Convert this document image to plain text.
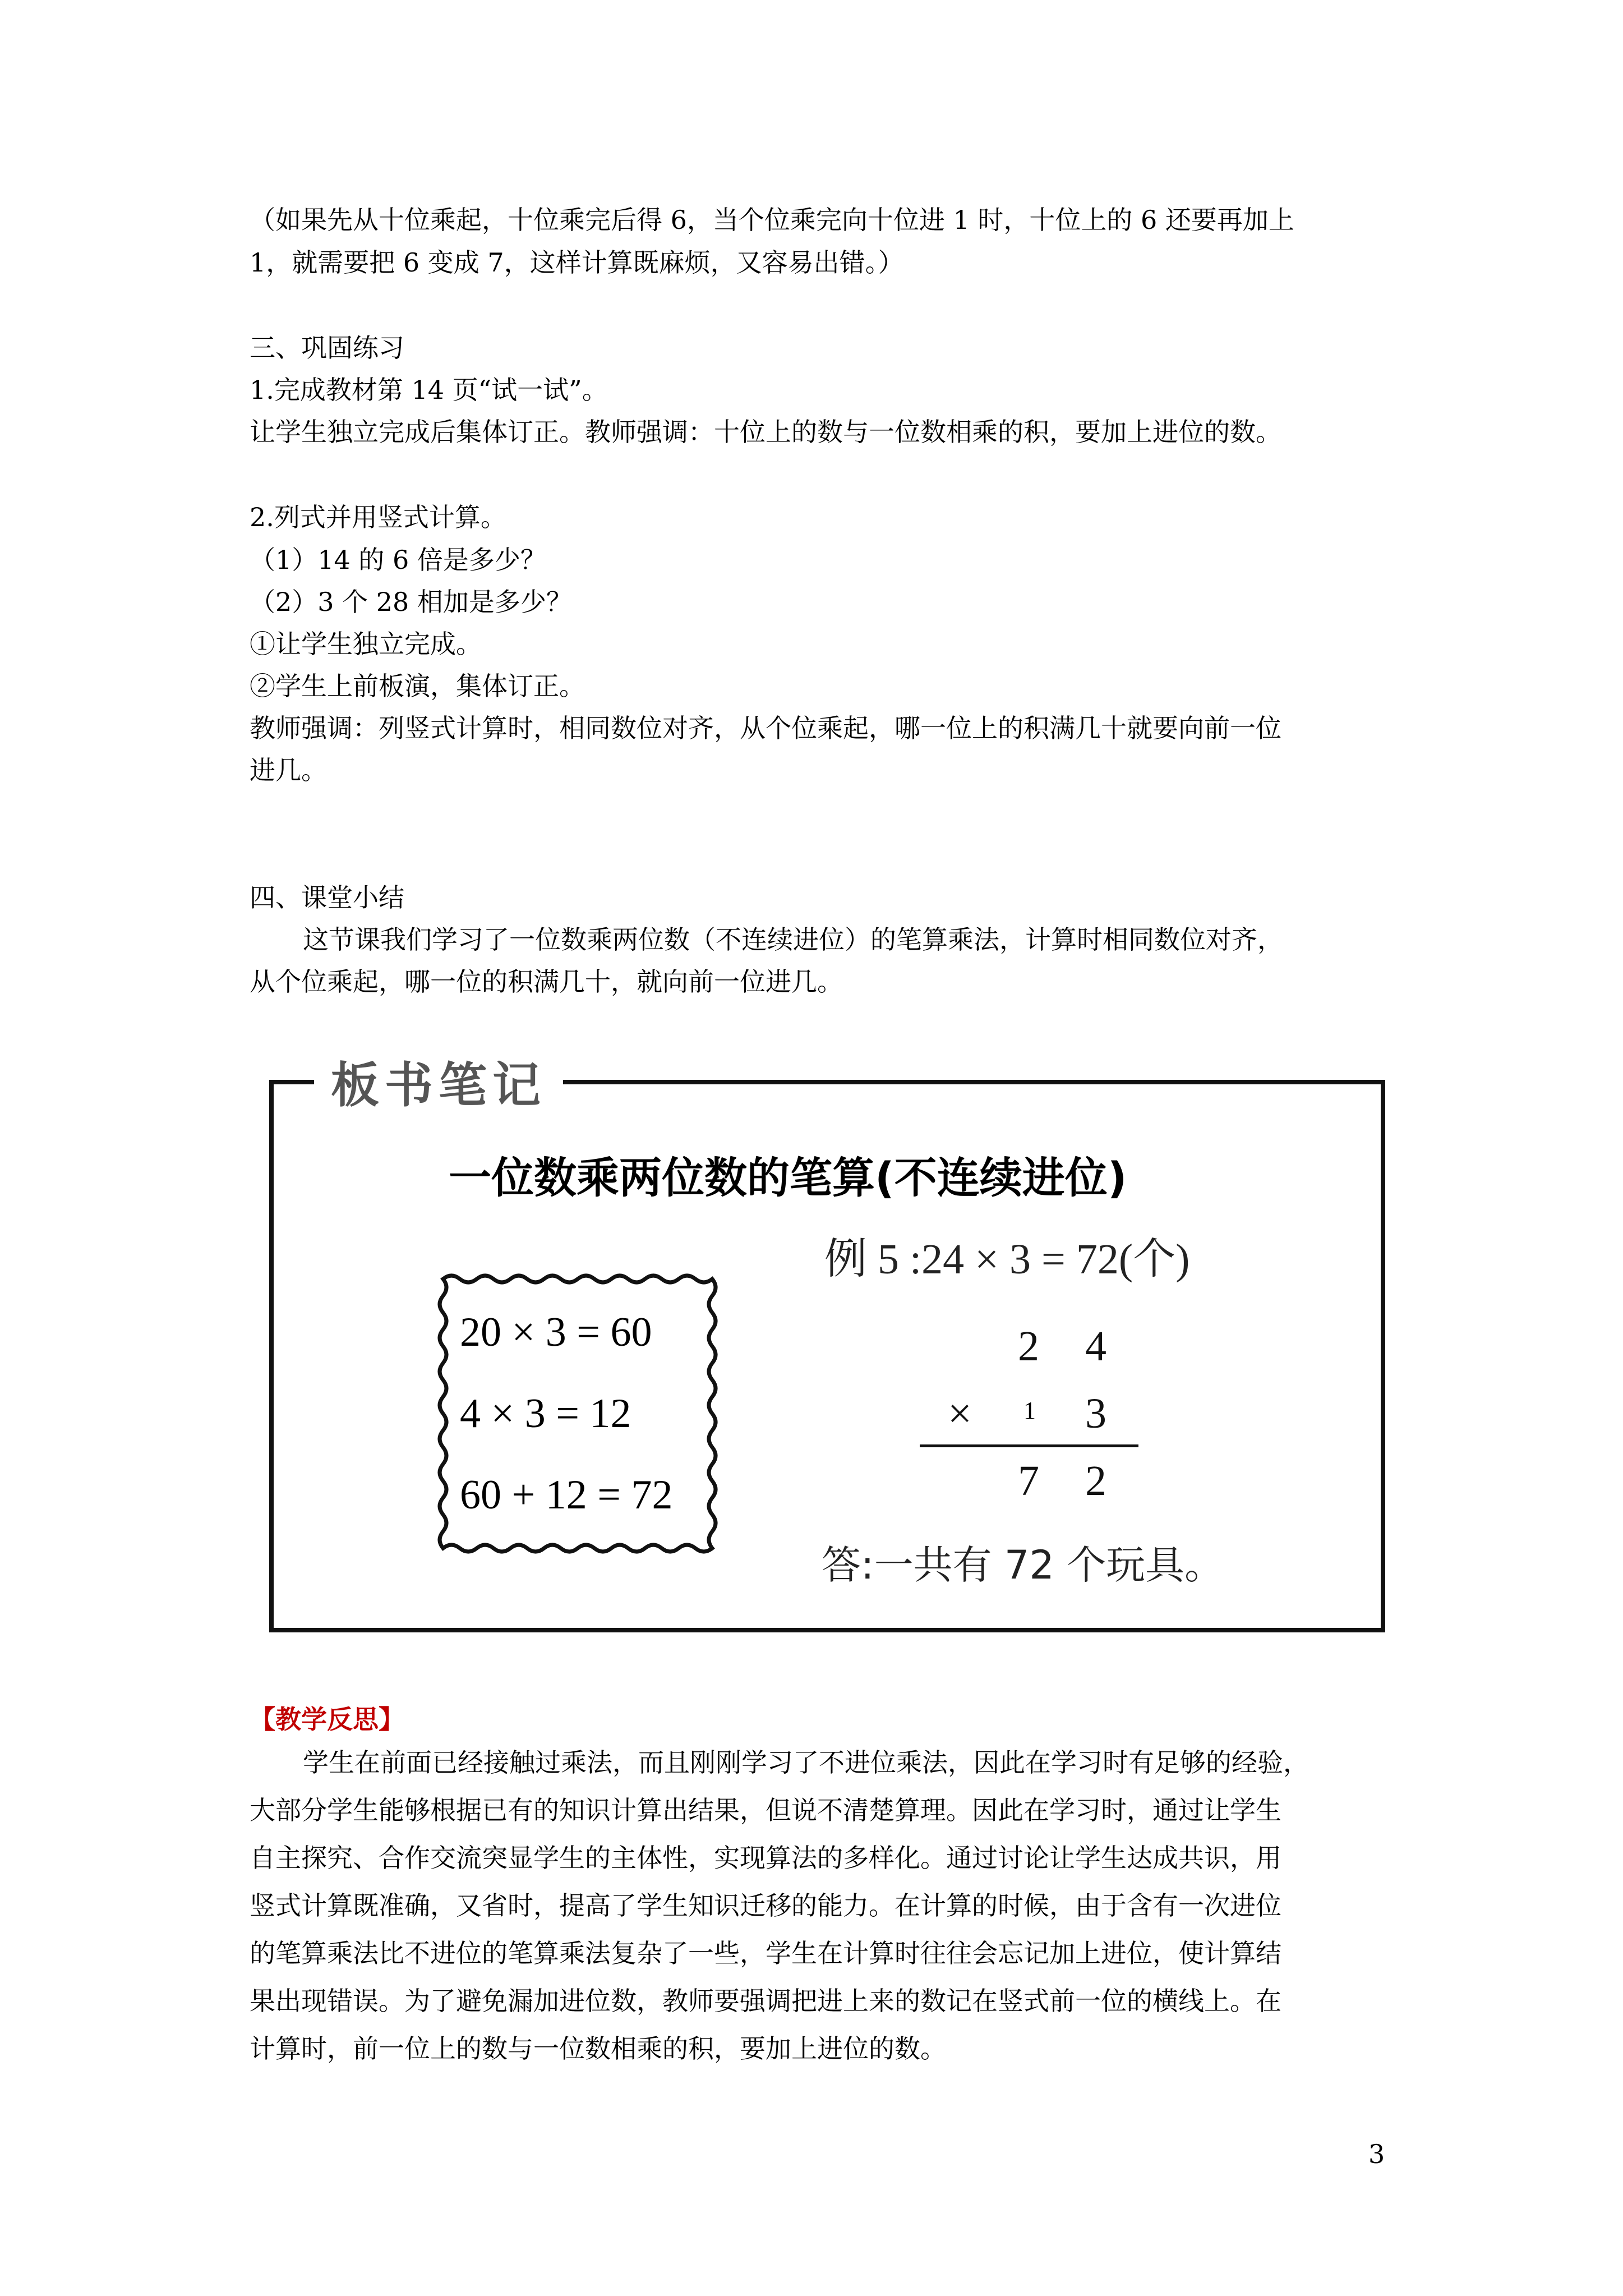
（如果先从十位乘起，十位乘完后得 6，当个位乘完向十位进 1 时，十位上的 6 还要再加上
1，就需要把 6 变成 7，这样计算既麻烦，又容易出错。）
三、巩固练习
1.完成教材第 14 页“试一试”。
让学生独立完成后集体订正。教师强调：十位上的数与一位数相乘的积，要加上进位的数。
2.列式并用竖式计算。
（1）14 的 6 倍是多少？
（2）3 个 28 相加是多少？
①让学生独立完成。
②学生上前板演，集体订正。
教师强调：列竖式计算时，相同数位对齐，从个位乘起，哪一位上的积满几十就要向前一位
进几。
四、课堂小结
这节课我们学习了一位数乘两位数（不连续进位）的笔算乘法，计算时相同数位对齐，
从个位乘起，哪一位的积满几十，就向前一位进几。
板书笔记
一位数乘两位数的笔算(不连续进位)
20 × 3 = 60
4 × 3 = 12
60 + 12 = 72
例 5 :24 × 3 = 72(个)
2 4
× 1 3
7 2
答:一共有 72 个玩具。
【教学反思】
学生在前面已经接触过乘法，而且刚刚学习了不进位乘法，因此在学习时有足够的经验，
大部分学生能够根据已有的知识计算出结果，但说不清楚算理。因此在学习时，通过让学生
自主探究、合作交流突显学生的主体性，实现算法的多样化。通过讨论让学生达成共识，用
竖式计算既准确，又省时，提高了学生知识迁移的能力。在计算的时候，由于含有一次进位
的笔算乘法比不进位的笔算乘法复杂了一些，学生在计算时往往会忘记加上进位，使计算结
果出现错误。为了避免漏加进位数，教师要强调把进上来的数记在竖式前一位的横线上。在
计算时，前一位上的数与一位数相乘的积，要加上进位的数。
3
